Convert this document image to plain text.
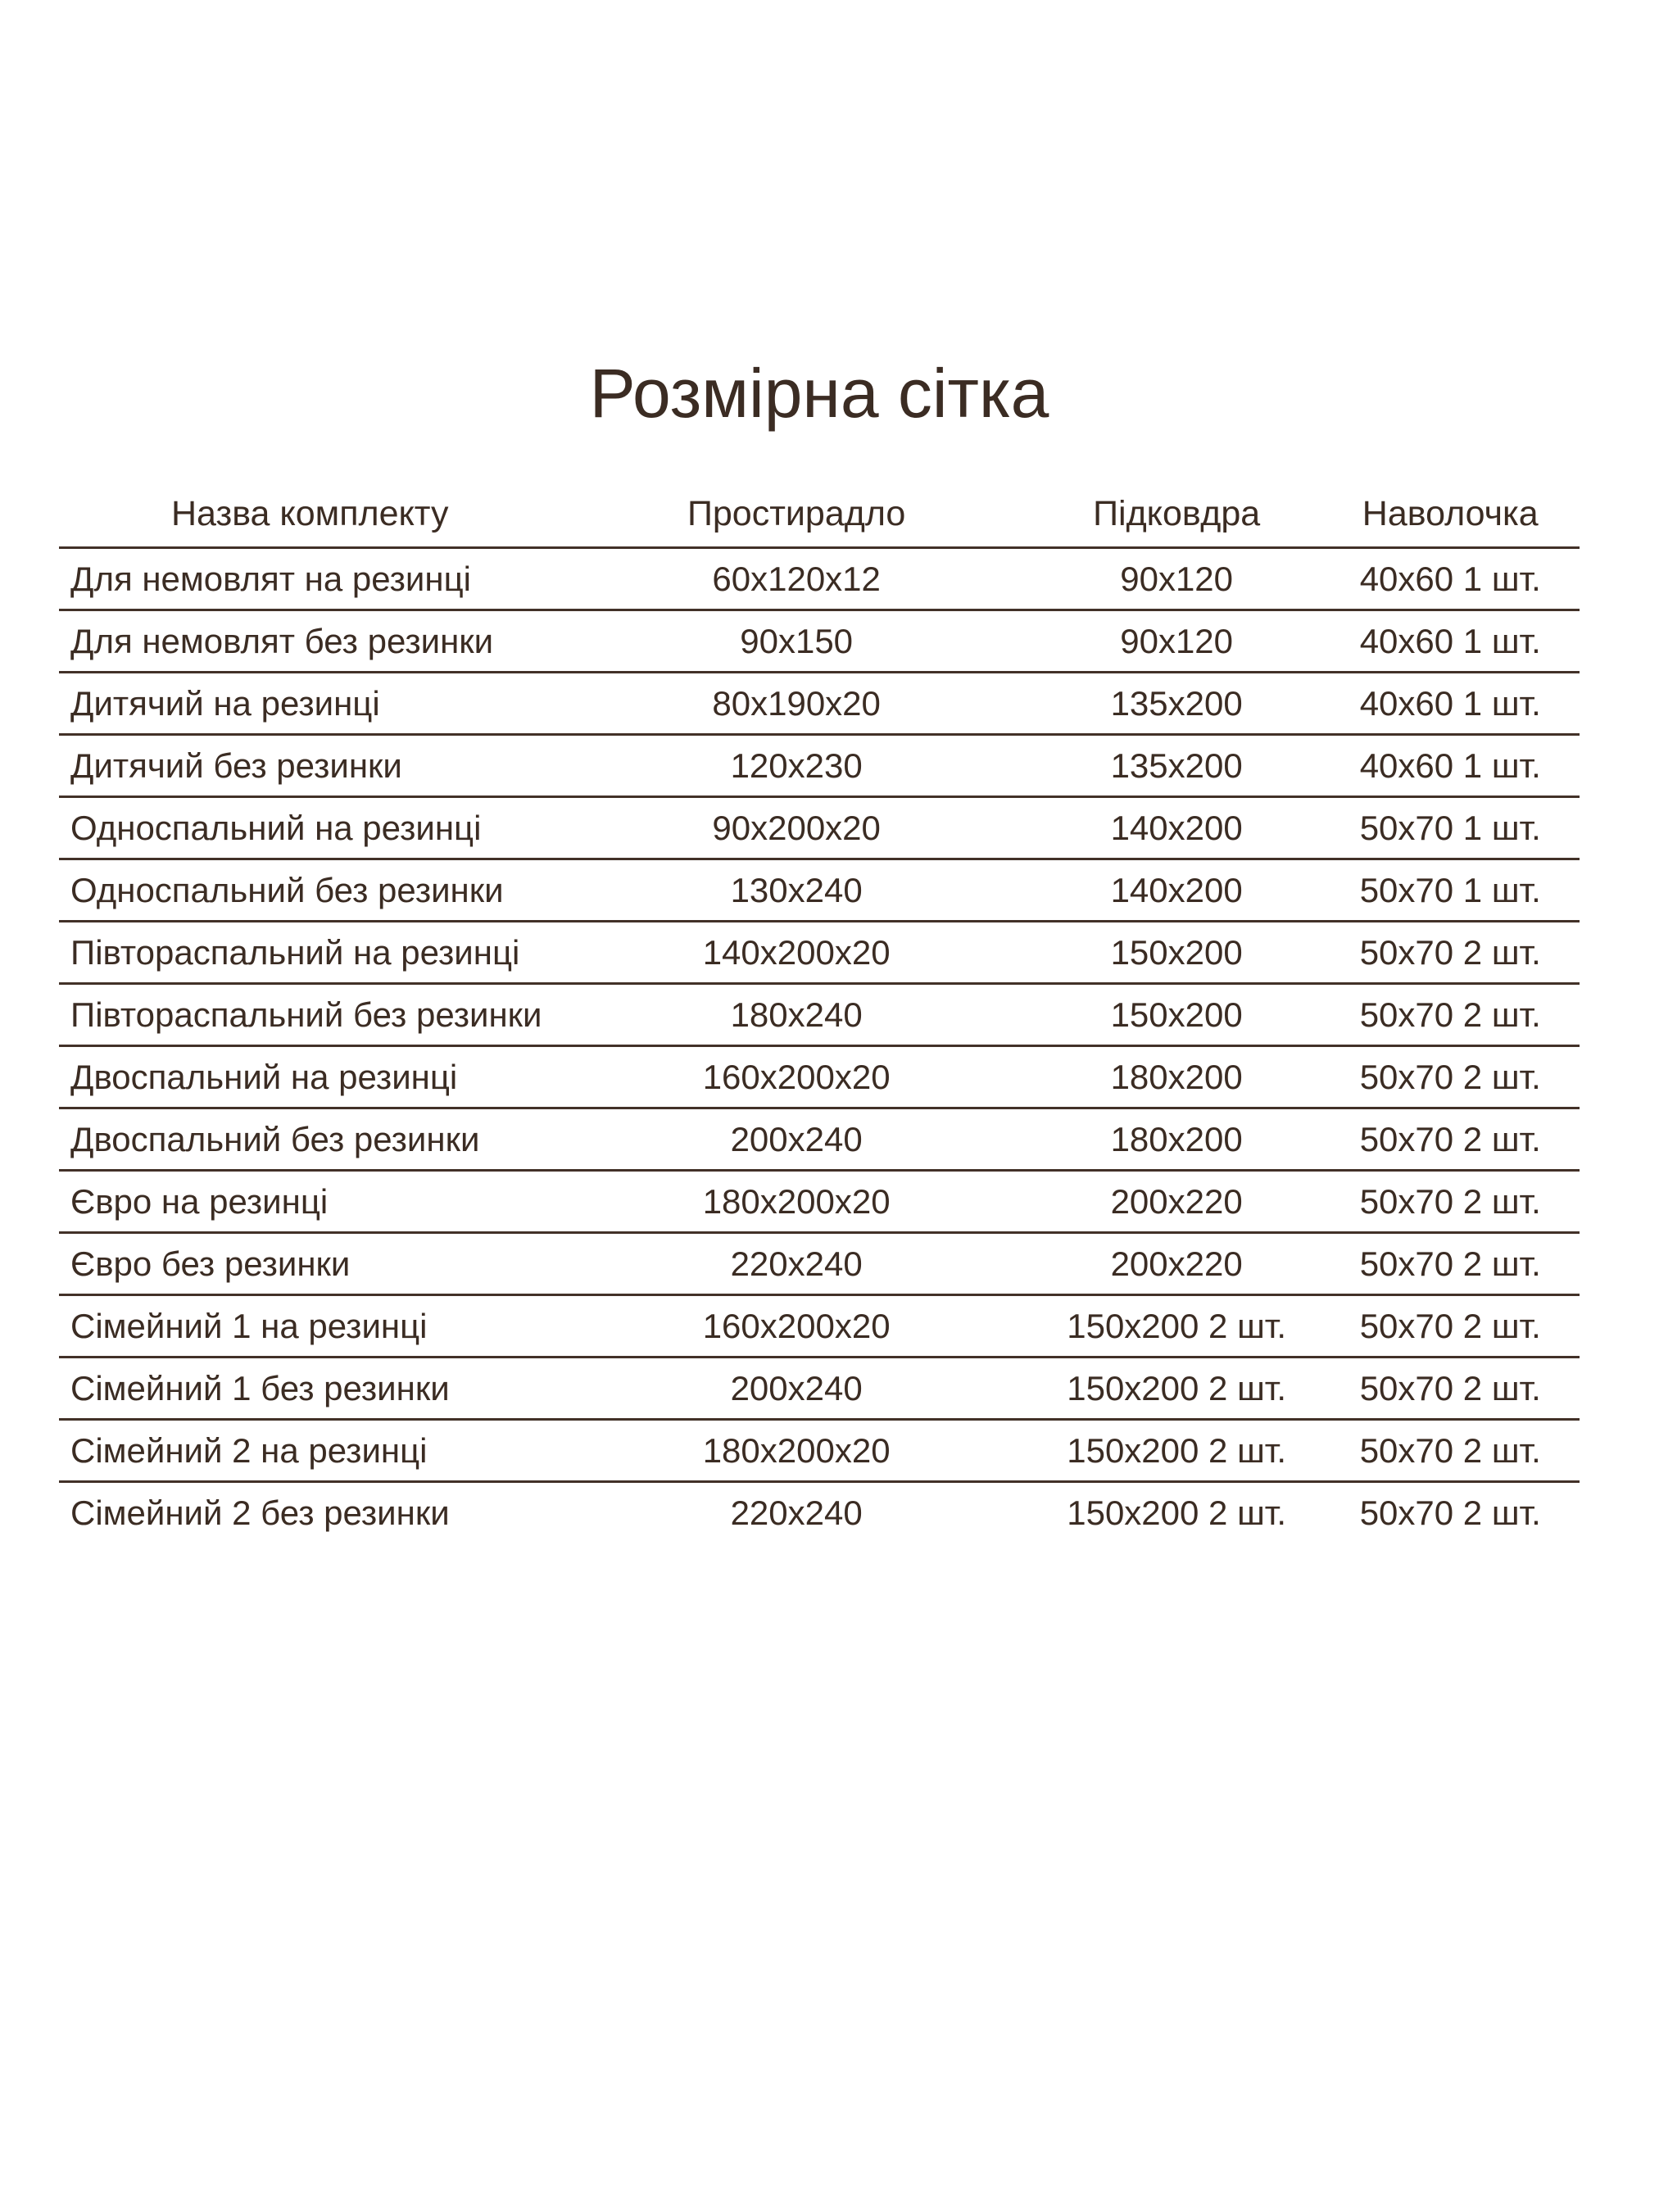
Розмірна сітка
Назва комплекту	Простирадло	Підковдра	Наволочка
Для немовлят на резинці	60х120х12	90х120	40х60 1 шт.
Для немовлят без резинки	90х150	90х120	40х60 1 шт.
Дитячий на резинці	80х190х20	135х200	40х60 1 шт.
Дитячий без резинки	120х230	135х200	40х60 1 шт.
Односпальний на резинці	90х200х20	140х200	50х70 1 шт.
Односпальний без резинки	130х240	140х200	50х70 1 шт.
Півтораспальний на резинці	140х200х20	150х200	50х70 2 шт.
Півтораспальний без резинки	180х240	150х200	50х70 2 шт.
Двоспальний на резинці	160х200х20	180х200	50х70 2 шт.
Двоспальний без резинки	200х240	180х200	50х70 2 шт.
Євро на резинці	180х200х20	200х220	50х70 2 шт.
Євро без резинки	220х240	200х220	50х70 2 шт.
Сімейний 1 на резинці	160х200х20	150х200 2 шт.	50х70 2 шт.
Сімейний 1 без резинки	200х240	150х200 2 шт.	50х70 2 шт.
Сімейний 2 на резинці	180х200х20	150х200 2 шт.	50х70 2 шт.
Сімейний 2 без резинки	220х240	150х200 2 шт.	50х70 2 шт.
